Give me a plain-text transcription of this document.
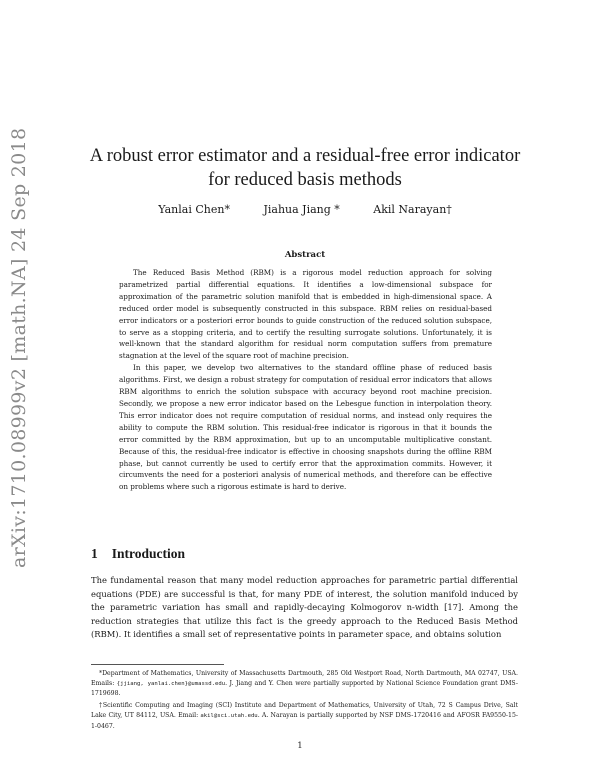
arXiv:1710.08999v2 [math.NA] 24 Sep 2018	A robust error estimator and a residual-free error indicator
for reduced basis methods
Yanlai Chen*	Jiahua Jiang *	Akil Narayan†
Abstract

The Reduced Basis Method (RBM) is a rigorous model reduction approach for solving parametrized partial differential equations. It identifies a low-dimensional subspace for approximation of the parametric solution manifold that is embedded in high-dimensional space. A reduced order model is subsequently constructed in this subspace. RBM relies on residual-based error indicators or a posteriori error bounds to guide construction of the reduced solution subspace, to serve as a stopping criteria, and to certify the resulting surrogate solutions. Unfortunately, it is well-known that the standard algorithm for residual norm computation suffers from premature stagnation at the level of the square root of machine precision.

In this paper, we develop two alternatives to the standard offline phase of reduced basis algorithms. First, we design a robust strategy for computation of residual error indicators that allows RBM algorithms to enrich the solution subspace with accuracy beyond root machine precision. Secondly, we propose a new error indicator based on the Lebesgue function in interpolation theory. This error indicator does not require computation of residual norms, and instead only requires the ability to compute the RBM solution. This residual-free indicator is rigorous in that it bounds the error committed by the RBM approximation, but up to an uncomputable multiplicative constant. Because of this, the residual-free indicator is effective in choosing snapshots during the offline RBM phase, but cannot currently be used to certify error that the approximation commits. However, it circumvents the need for a posteriori analysis of numerical methods, and therefore can be effective on problems where such a rigorous estimate is hard to derive.

1 Introduction

The fundamental reason that many model reduction approaches for parametric partial differential equations (PDE) are successful is that, for many PDE of interest, the solution manifold induced by the parametric variation has small and rapidly-decaying Kolmogorov n-width [17]. Among the reduction strategies that utilize this fact is the greedy approach to the Reduced Basis Method (RBM). It identifies a small set of representative points in parameter space, and obtains solution

*Department of Mathematics, University of Massachusetts Dartmouth, 285 Old Westport Road, North Dartmouth, MA 02747, USA. Emails: {jjiang, yanlai.chen}@umassd.edu. J. Jiang and Y. Chen were partially supported by National Science Foundation grant DMS-1719698.

†Scientific Computing and Imaging (SCI) Institute and Department of Mathematics, University of Utah, 72 S Campus Drive, Salt Lake City, UT 84112, USA. Email: akil@sci.utah.edu. A. Narayan is partially supported by NSF DMS-1720416 and AFOSR FA9550-15-1-0467.

1
